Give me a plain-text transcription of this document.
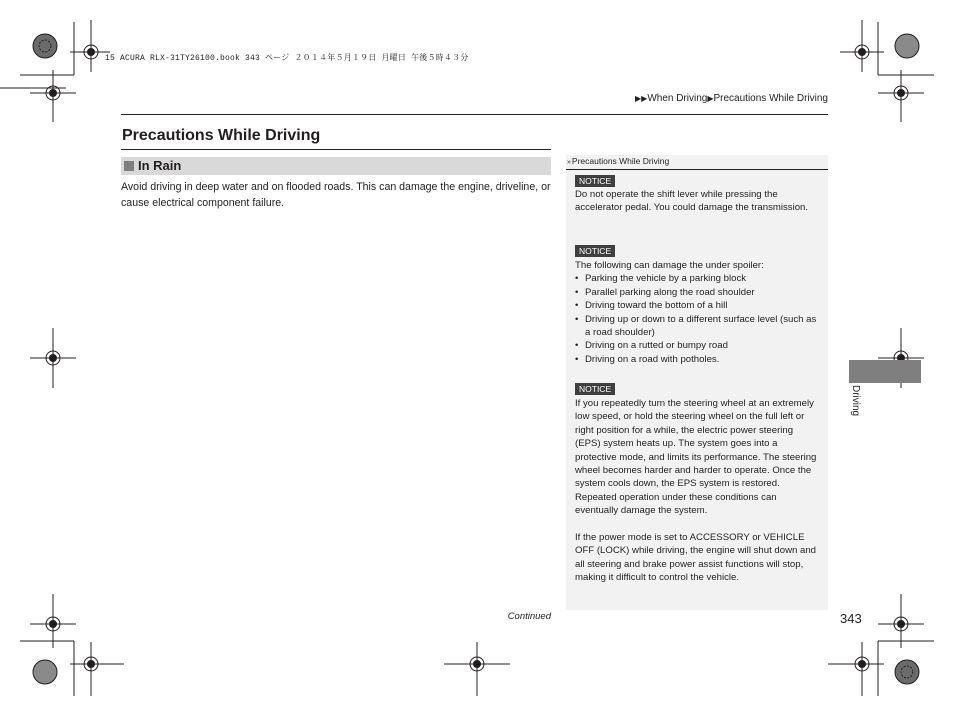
15 ACURA RLX-31TY26100.book 343 ページ ２０１４年５月１９日 月曜日 午後５時４３分
▶▶When Driving▶Precautions While Driving
Precautions While Driving
In Rain
Avoid driving in deep water and on flooded roads. This can damage the engine, driveline, or cause electrical component failure.
»Precautions While Driving
NOTICE
Do not operate the shift lever while pressing the accelerator pedal. You could damage the transmission.
NOTICE

The following can damage the under spoiler:

• Parking the vehicle by a parking block
• Parallel parking along the road shoulder
• Driving toward the bottom of a hill
• Driving up or down to a different surface level (such as a road shoulder)
• Driving on a rutted or bumpy road
• Driving on a road with potholes.
NOTICE

If you repeatedly turn the steering wheel at an extremely low speed, or hold the steering wheel on the full left or right position for a while, the electric power steering (EPS) system heats up. The system goes into a protective mode, and limits its performance. The steering wheel becomes harder and harder to operate. Once the system cools down, the EPS system is restored.

Repeated operation under these conditions can eventually damage the system.

If the power mode is set to ACCESSORY or VEHICLE OFF (LOCK) while driving, the engine will shut down and all steering and brake power assist functions will stop, making it difficult to control the vehicle.

Driving
Continued	343
